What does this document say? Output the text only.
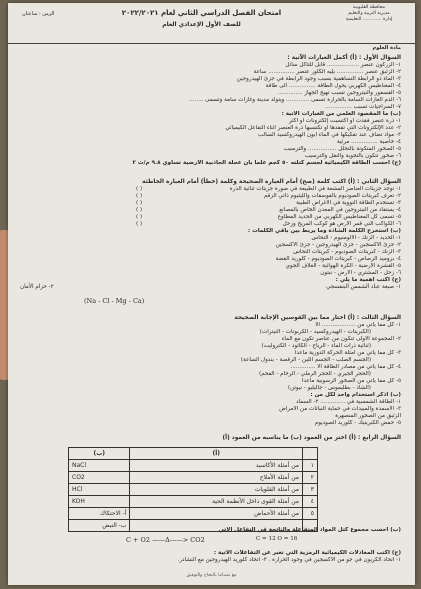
محافظة القليوبية
مديرية التربية والتعليم
إدارة ............. التعليمية
امتحان الفصل الدراسي الثاني لعام ٢٠٢٢/٢٠٢١
للصف الأول الإعدادي العام
الزمن : ساعتان
مادة العلوم
السؤال الأول : (أ) أكمل العبارات الآتية :
١- الزركون عنصر .................. قابل للتآكل سائل
٢- الزئبق عنصر ............... يليه الكلور عنصر ............... ساعة
٣- الماء ذو الرابطة التساهمية بسبب وجود الرابطة في جزئ الهيدروجين
٤- المغناطيس الكهربي يحول الطاقة ............... الى طاقة
٥- الفسفور والنيتروجين تسبب تهيج الجهاز ..............
٦- الدم الغازات السامة بالحرارة تسمى ............. ويتولد مدينة وغازات سامة وتسمى ........
٧- السراجيات تسبب ...............
(ب) ما المقصود العلمي من العبارات الآتية :
١- ذرة عنصر فقدت أو اكتسبت إلكترونات أو أكثر
٢- عدد الإلكترونات التي تفقدها أو تكتسبها ذرة العنصر أثناء التفاعل الكيميائي
٣- مواد تضاف عند تفكيكها في الماء أيون الهيدروكسيد السالب
٤- خاصية ............... مرئية
٥- الصخور المتكونة بالتحلل ................ والترسيب
٦- صخور تتكون بالتجوية والنقل والترسيب
(ج) احسب الطاقة الكيميائية لجسم كتلته ٥٠ كجم علما بأن عجلة الجاذبية الأرضية تساوي ٩.٨ م/ث ٢
السؤال الثاني : (أ) اكتب كلمة (صح) أمام العبارة الصحيحة وكلمة (خطأ) أمام العبارة الخاطئة
١- توجد جزيئات العناصر المشعة في الطبيعة في صورة جزيئات ثنائية الذرة
٢- تعرف كبريتات الصوديوم بالفوسفات والليثيوم ذاتي الزقم
٣- تستخدم الطاقة النووية في الأغراض الطبية
٤- يستفاد من النيتروجين في المعدن الخاص بالمصانع
٥- تسمى كل المغناطيس الكهربي من الحديد المطاوع
٦- الكواكب التي قمر الأرض هو كوكب المريخ وزحل
( )
( )
( )
( )
( )
( )
(ب) استخرج الكلمة الشاذة وما يربط بين باقي الكلمات :
١- الحديد - الزنك - الألومنيوم - النحاس
٢- جزئ الأكسجين - جزئ الهيدروجين - جزئ الأكسجين
٣- الزنك - كبريتات الصوديوم - كبريتات النحاس
٤- بروميد الرصاص - كبريتات الصوديوم - كلوريد الفضة
٥- القشرة الأرضية - الكرة الهوائية - الغلاف الجوي
٦- زحل - المشتري - الأرض - نبتون
(ج) اكتب أهمية ما يلي :
١- صبغة عباد الشمس البنفسجي
٢- حزام الأمان
(Na - Cl - Mg - Ca)
السؤال الثالث : (أ) اختار مما بين القوسين الإجابة الصحيحة
١- كل مما يأتي من ................... الا
(الكبريتات - الهيدروكسيد - الكربونات - النيترات)
٢- المجموعة الأولى تتكون من عناصر تكون مع الماء
(ثنائية ذرات الماء - الرياح - الكاثود - الكتروليت)
٣- كل مما يأتي من أمثلة الحركة الدورية ماعدا
(الجسم الصلب - الجسم اللين - الرقصة - بندول الساعة)
٤- كل مما يأتي من مصادر الطاقة الا ..............
(الحجر الجيري - الحجر الرملي - الرخام - الفحم)
٥- كل مما يأتي من الصخور الرسوبية ماعدا
(الشاذ - بطليموس - جاليليو - نيوتن)
(ب) اذكر استخدام واحد لكل من :
١- الطاقة الشمسية في .............. ٢- السماد
٣- الأسمدة والمبيدات في حماية النباتات من الأمراض
الزئبق من الصخور المنصهرة
٥- حمض الكبريتيك - كلوريد الصوديوم
السؤال الرابع : (أ) اختر من العمود (ب) ما يناسبه من العمود (أ)
	(أ)	(ب)
١	من أمثلة الأكاسيد	NaCl
٢	من أمثلة الأملاح	CO2
٣	من أمثلة القلويات	HCl
٤	من أمثلة القوى داخل الأنظمة الحية	KOH
٥	من أمثلة الأحماض	أ- الاحتكاك
		ب- النبض
(ب) احسب مجموع كتل المواد المتفاعلة والناتجة في التفاعل الآتي
C + O2 ——Δ——> CO2	C = 12 O = 16
(ج) اكتب المعادلات الكيميائية الرمزية التي تعبر عن التفاعلات الآتية :
١- اتحاد الكربون في جو من الأكسجين في وجود الحرارة . ٢- اتحاد كلوريد الهيدروجين مع النشادر.
مع تمنياتنا بالنجاح والتوفيق
